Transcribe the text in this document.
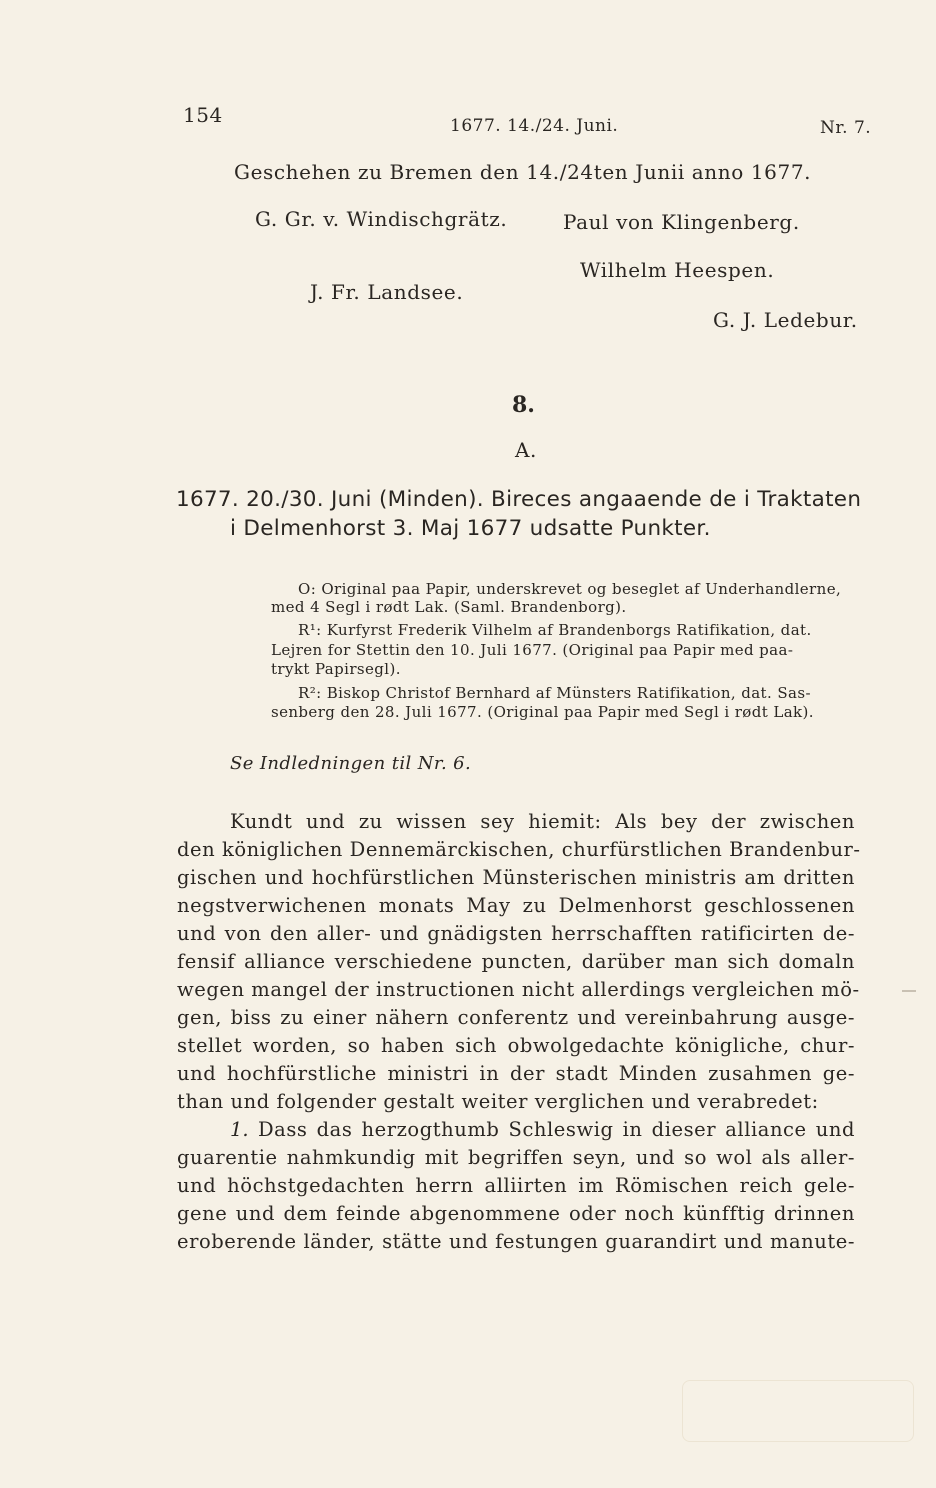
154	1677. 14./24. Juni.	Nr. 7.
Geschehen zu Bremen den 14./24ten Junii anno 1677.
G. Gr. v. Windischgrätz.	Paul von Klingenberg.
Wilhelm Heespen.
J. Fr. Landsee.
G. J. Ledebur.
8.
A.
1677. 20./30. Juni (Minden). Bireces angaaende de i Traktaten
i Delmenhorst 3. Maj 1677 udsatte Punkter.
O: Original paa Papir, underskrevet og beseglet af Underhandlerne,
med 4 Segl i rødt Lak. (Saml. Brandenborg).
R¹: Kurfyrst Frederik Vilhelm af Brandenborgs Ratifikation, dat.
Lejren for Stettin den 10. Juli 1677. (Original paa Papir med paa-
trykt Papirsegl).
R²: Biskop Christof Bernhard af Münsters Ratifikation, dat. Sas-
senberg den 28. Juli 1677. (Original paa Papir med Segl i rødt Lak).
Se Indledningen til Nr. 6.
Kundt und zu wissen sey hiemit: Als bey der zwischen
den königlichen Dennemärckischen, churfürstlichen Brandenbur-
gischen und hochfürstlichen Münsterischen ministris am dritten
negstverwichenen monats May zu Delmenhorst geschlossenen
und von den aller- und gnädigsten herrschafften ratificirten de-
fensif alliance verschiedene puncten, darüber man sich domaln
wegen mangel der instructionen nicht allerdings vergleichen mö-
gen, biss zu einer nähern conferentz und vereinbahrung ausge-
stellet worden, so haben sich obwolgedachte königliche, chur-
und hochfürstliche ministri in der stadt Minden zusahmen ge-
than und folgender gestalt weiter verglichen und verabredet:
1. Dass das herzogthumb Schleswig in dieser alliance und
guarentie nahmkundig mit begriffen seyn, und so wol als aller-
und höchstgedachten herrn alliirten im Römischen reich gele-
gene und dem feinde abgenommene oder noch künfftig drinnen
eroberende länder, stätte und festungen guarandirt und manute-
